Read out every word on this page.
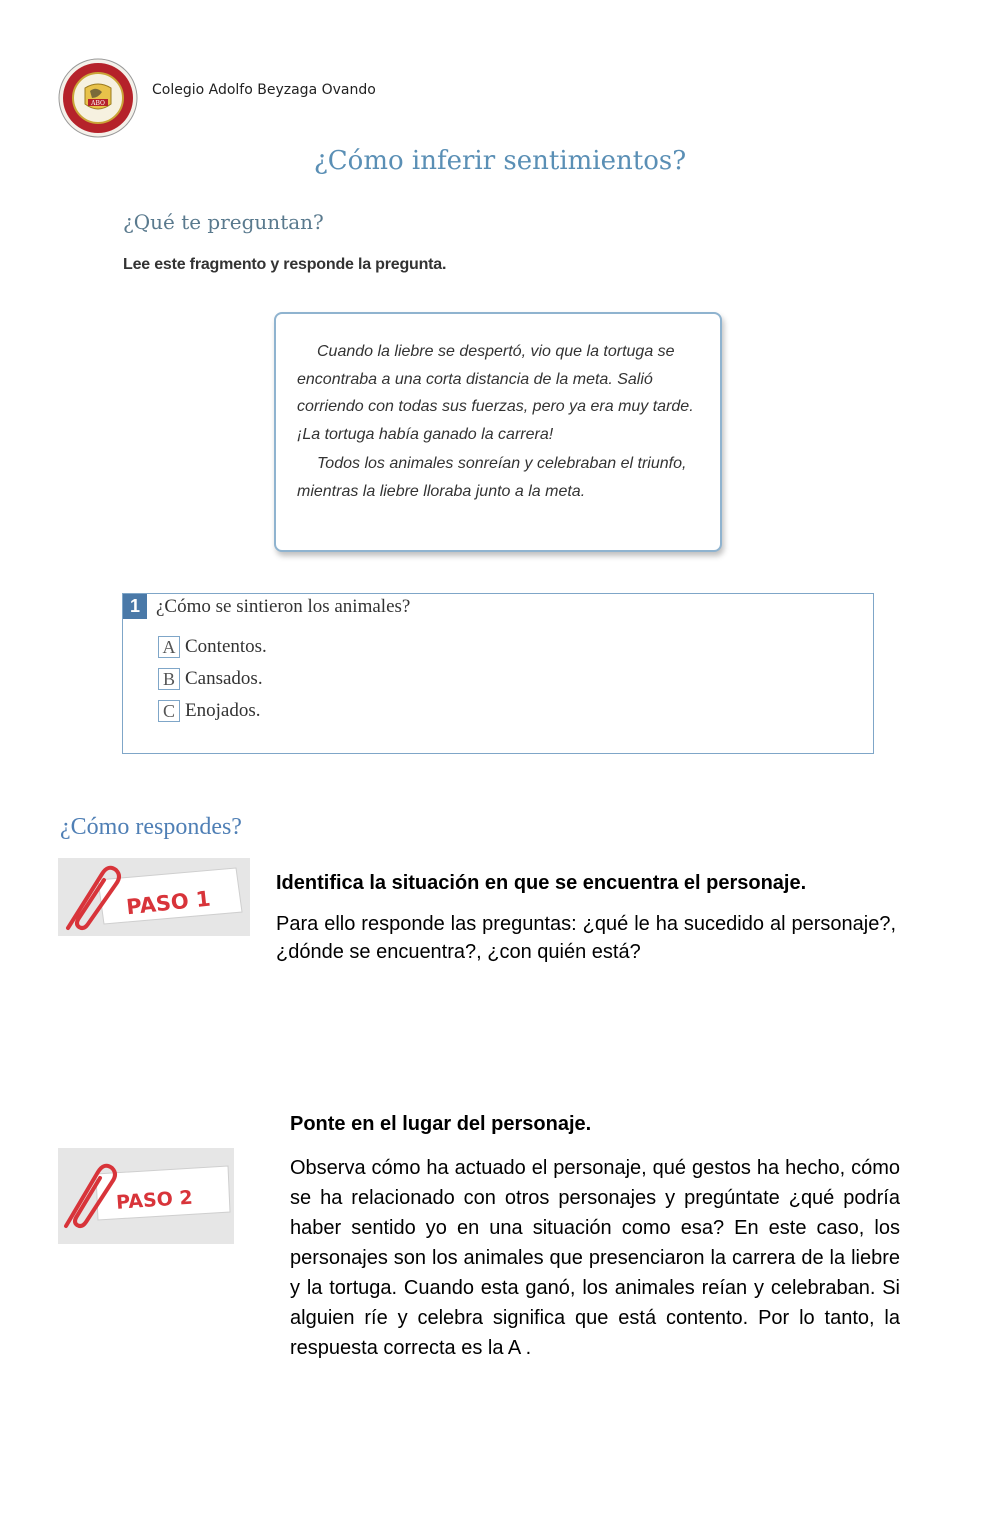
ABO
Colegio Adolfo Beyzaga Ovando
¿Cómo inferir sentimientos?
¿Qué te preguntan?
Lee este fragmento y responde la pregunta.

Cuando la liebre se despertó, vio que la tortuga se encontraba a una corta distancia de la meta. Salió corriendo con todas sus fuerzas, pero ya era muy tarde. ¡La tortuga había ganado la carrera!

Todos los animales sonreían y celebraban el triunfo, mientras la liebre lloraba junto a la meta.

1 ¿Cómo se sintieron los animales?
A Contentos.
B Cansados.
C Enojados.
¿Cómo respondes?
PASO 1
Identifica la situación en que se encuentra el personaje.
Para ello responde las preguntas: ¿qué le ha sucedido al personaje?, ¿dónde se encuentra?, ¿con quién está?
PASO 2
Ponte en el lugar del personaje.
Observa cómo ha actuado el personaje, qué gestos ha hecho, cómo se ha relacionado con otros personajes y pregúntate ¿qué podría haber sentido yo en una situación como esa? En este caso, los personajes son los animales que presenciaron la carrera de la liebre y la tortuga. Cuando esta ganó, los animales reían y celebraban. Si alguien ríe y celebra significa que está contento. Por lo tanto, la respuesta correcta es la A .
